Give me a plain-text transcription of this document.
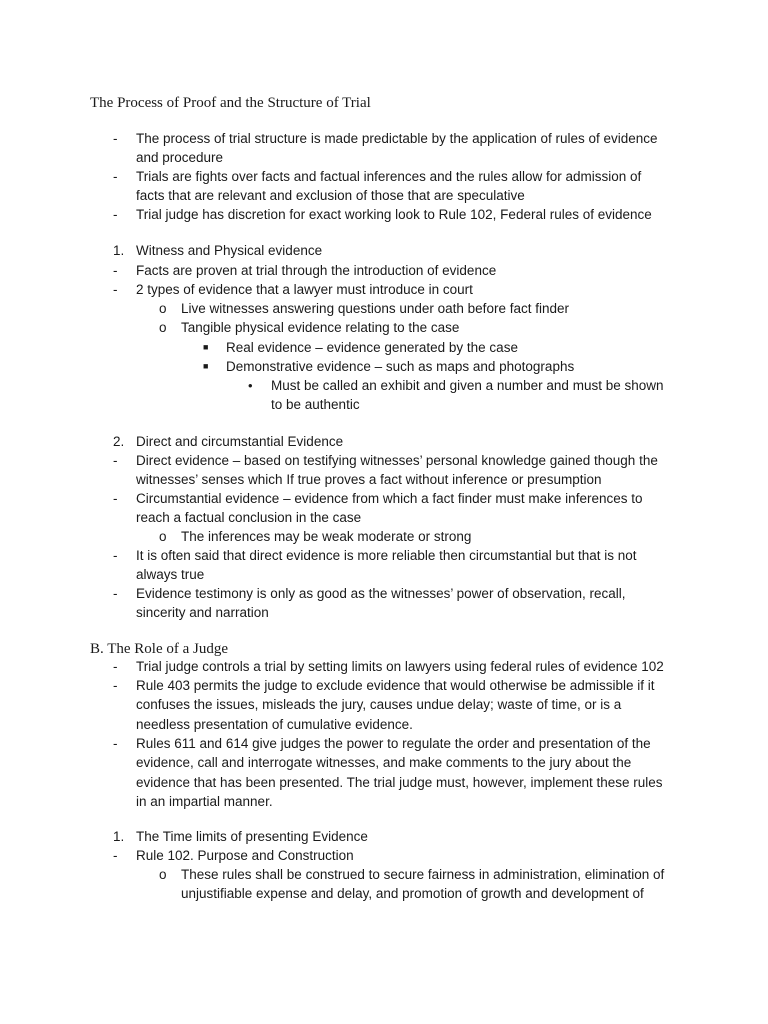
The Process of Proof and the Structure of Trial
- The process of trial structure is made predictable by the application of rules of evidence
and procedure
- Trials are fights over facts and factual inferences and the rules allow for admission of
facts that are relevant and exclusion of those that are speculative
- Trial judge has discretion for exact working look to Rule 102, Federal rules of evidence
1. Witness and Physical evidence
- Facts are proven at trial through the introduction of evidence
- 2 types of evidence that a lawyer must introduce in court
o Live witnesses answering questions under oath before fact finder
o Tangible physical evidence relating to the case
■ Real evidence – evidence generated by the case
■ Demonstrative evidence – such as maps and photographs
• Must be called an exhibit and given a number and must be shown
to be authentic
2. Direct and circumstantial Evidence
- Direct evidence – based on testifying witnesses’ personal knowledge gained though the
witnesses’ senses which If true proves a fact without inference or presumption
- Circumstantial evidence – evidence from which a fact finder must make inferences to
reach a factual conclusion in the case
o The inferences may be weak moderate or strong
- It is often said that direct evidence is more reliable then circumstantial but that is not
always true
- Evidence testimony is only as good as the witnesses’ power of observation, recall,
sincerity and narration
B. The Role of a Judge
- Trial judge controls a trial by setting limits on lawyers using federal rules of evidence 102
- Rule 403 permits the judge to exclude evidence that would otherwise be admissible if it
confuses the issues, misleads the jury, causes undue delay; waste of time, or is a
needless presentation of cumulative evidence.
- Rules 611 and 614 give judges the power to regulate the order and presentation of the
evidence, call and interrogate witnesses, and make comments to the jury about the
evidence that has been presented. The trial judge must, however, implement these rules
in an impartial manner.
1. The Time limits of presenting Evidence
- Rule 102. Purpose and Construction
o These rules shall be construed to secure fairness in administration, elimination of
unjustifiable expense and delay, and promotion of growth and development of
